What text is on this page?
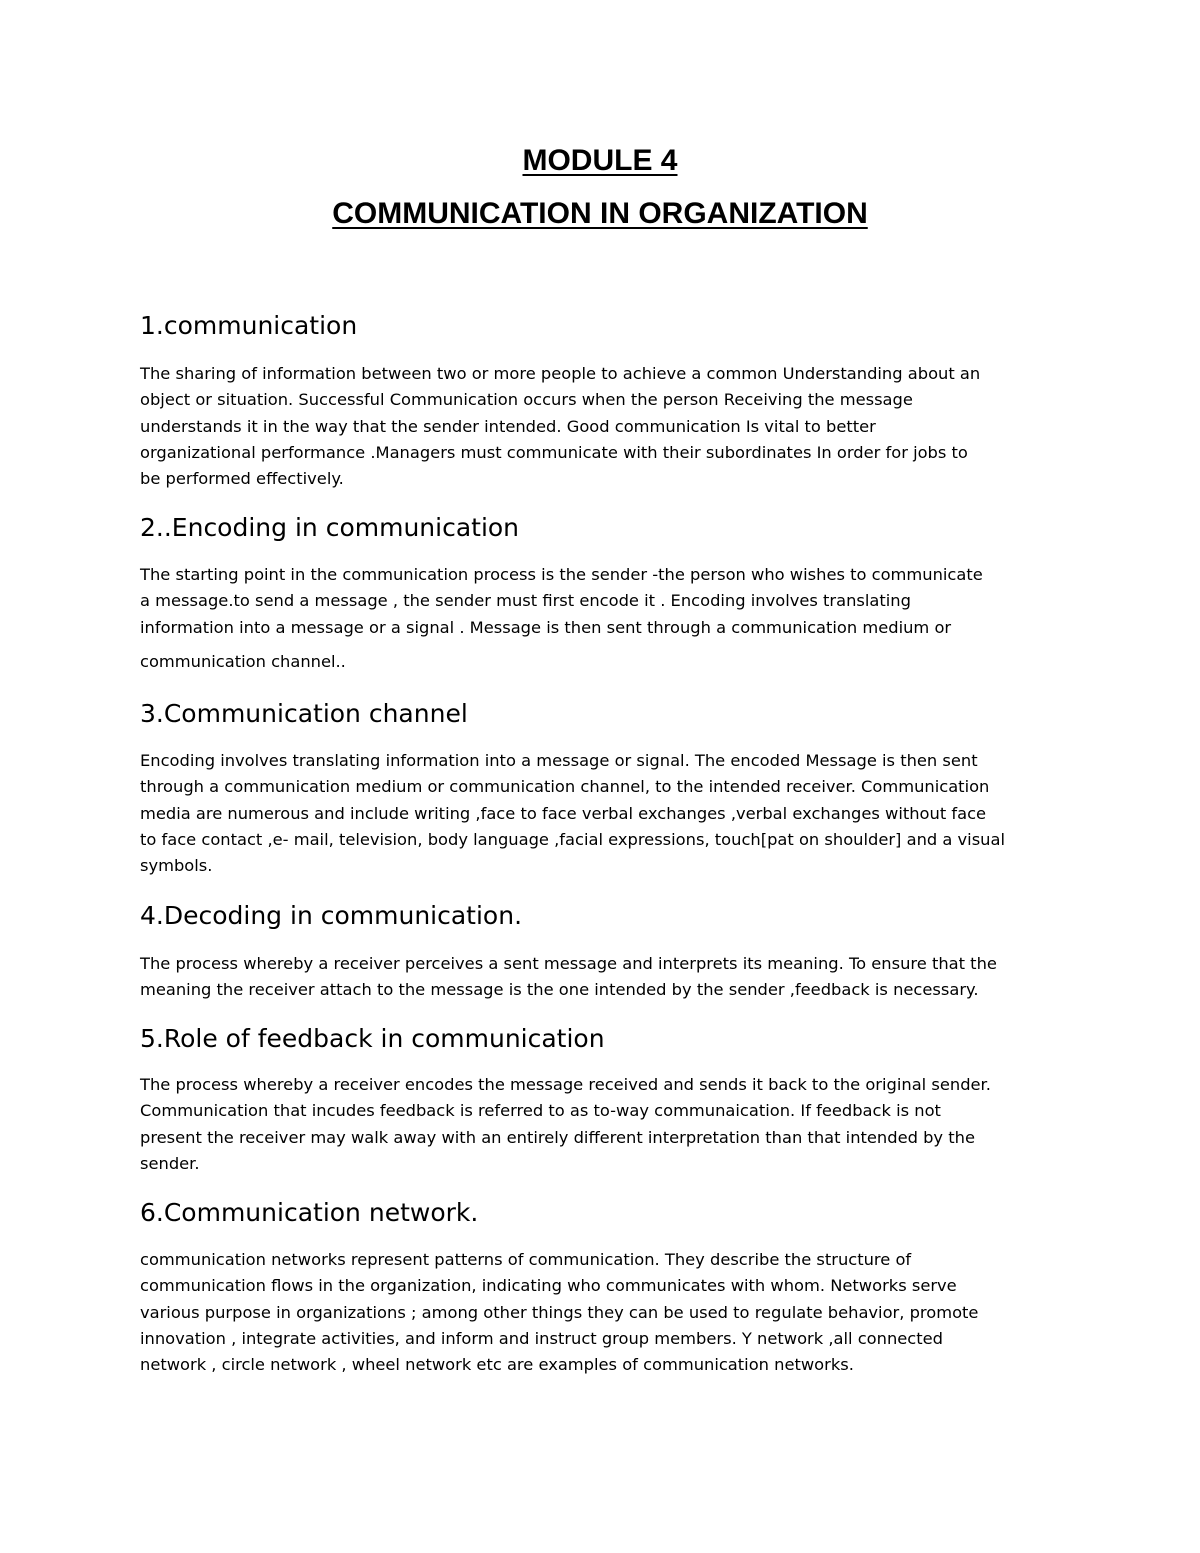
MODULE 4
COMMUNICATION IN ORGANIZATION
1.communication

The sharing of information between two or more people to achieve a common Understanding about an
object or situation. Successful Communication occurs when the person Receiving the message
understands it in the way that the sender intended. Good communication Is vital to better
organizational performance .Managers must communicate with their subordinates In order for jobs to
be performed effectively.

2..Encoding in communication

The starting point in the communication process is the sender -the person who wishes to communicate
a message.to send a message , the sender must first encode it . Encoding involves translating
information into a message or a signal . Message is then sent through a communication medium or
communication channel..

3.Communication channel

Encoding involves translating information into a message or signal. The encoded Message is then sent
through a communication medium or communication channel, to the intended receiver. Communication
media are numerous and include writing ,face to face verbal exchanges ,verbal exchanges without face
to face contact ,e- mail, television, body language ,facial expressions, touch[pat on shoulder] and a visual
symbols.

4.Decoding in communication.

The process whereby a receiver perceives a sent message and interprets its meaning. To ensure that the
meaning the receiver attach to the message is the one intended by the sender ,feedback is necessary.

5.Role of feedback in communication

The process whereby a receiver encodes the message received and sends it back to the original sender.
Communication that incudes feedback is referred to as to-way communaication. If feedback is not
present the receiver may walk away with an entirely different interpretation than that intended by the
sender.

6.Communication network.

communication networks represent patterns of communication. They describe the structure of
communication flows in the organization, indicating who communicates with whom. Networks serve
various purpose in organizations ; among other things they can be used to regulate behavior, promote
innovation , integrate activities, and inform and instruct group members. Y network ,all connected
network , circle network , wheel network etc are examples of communication networks.
